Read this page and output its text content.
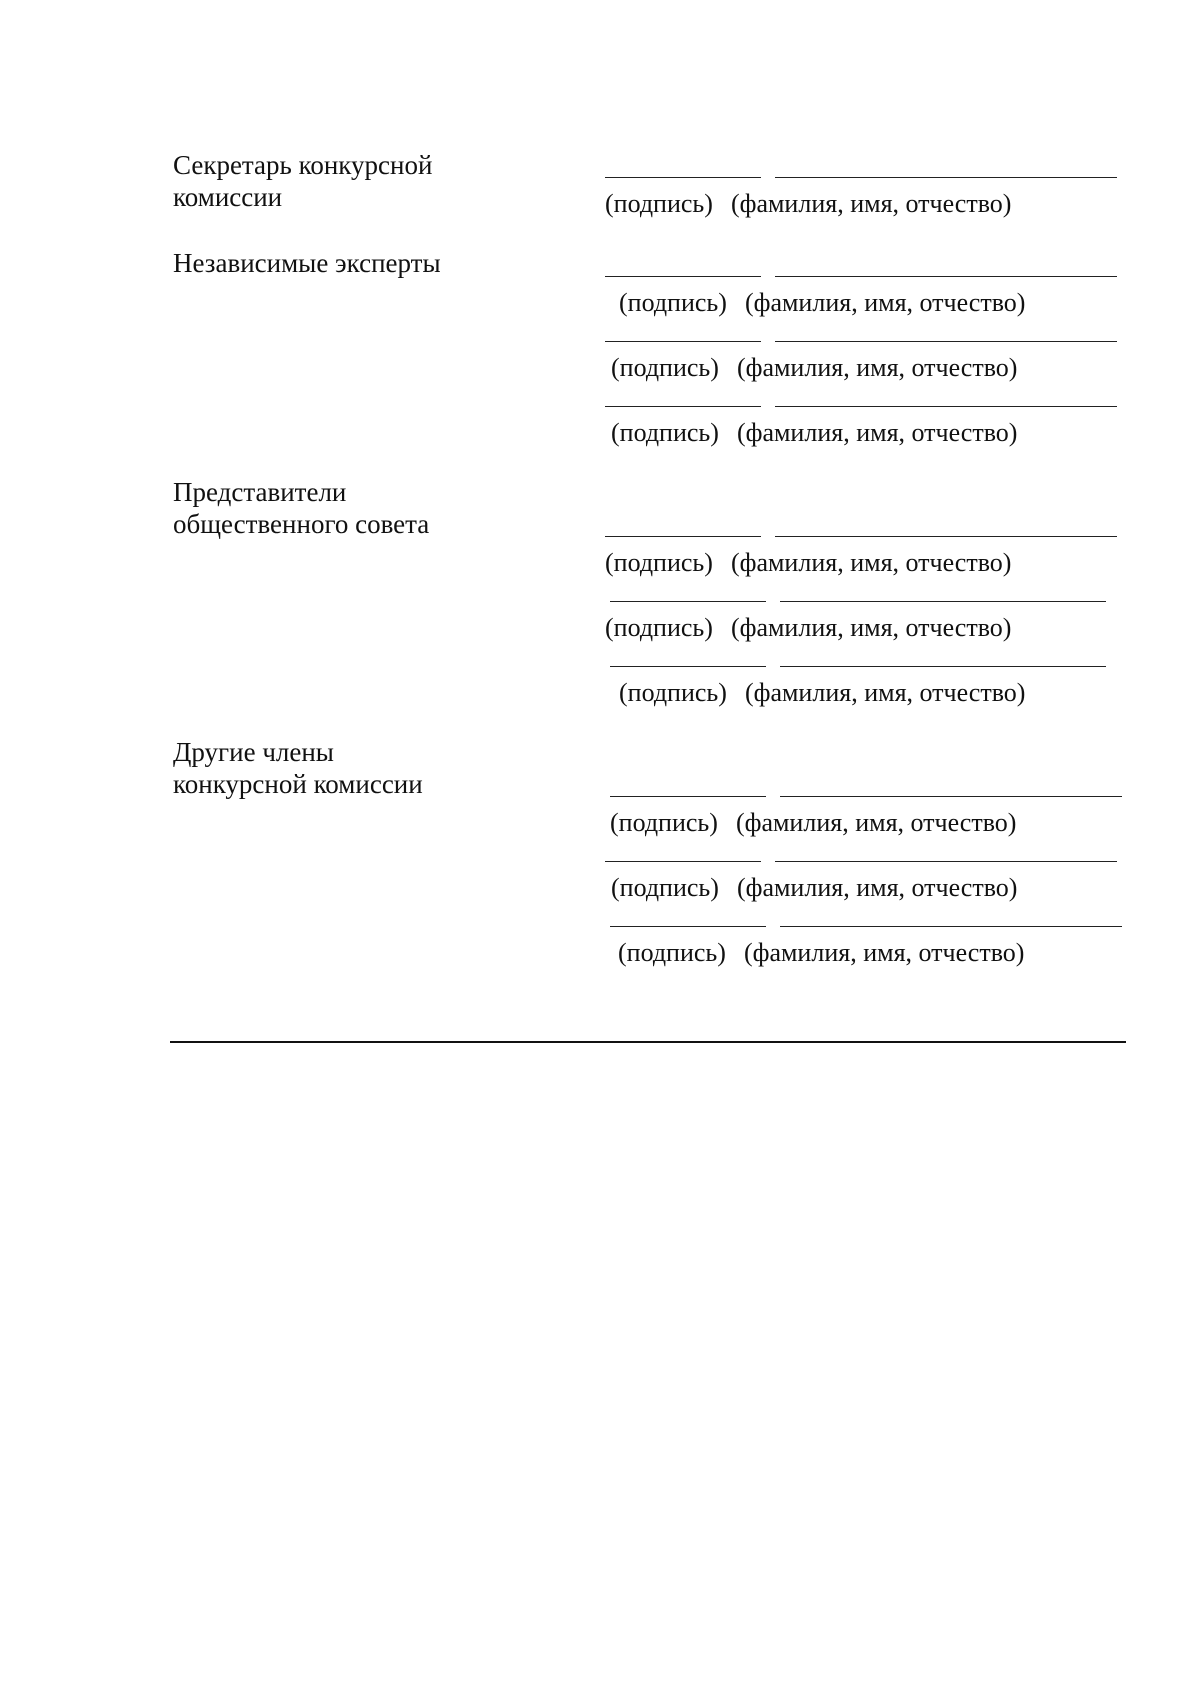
Секретарь конкурсной
комиссии	(подпись) (фамилия, имя, отчество)
Независимые эксперты
(подпись) (фамилия, имя, отчество)
(подпись) (фамилия, имя, отчество)
(подпись) (фамилия, имя, отчество)
Представители
общественного совета
(подпись) (фамилия, имя, отчество)
(подпись) (фамилия, имя, отчество)
(подпись) (фамилия, имя, отчество)
Другие члены
конкурсной комиссии
(подпись) (фамилия, имя, отчество)
(подпись) (фамилия, имя, отчество)
(подпись) (фамилия, имя, отчество)
